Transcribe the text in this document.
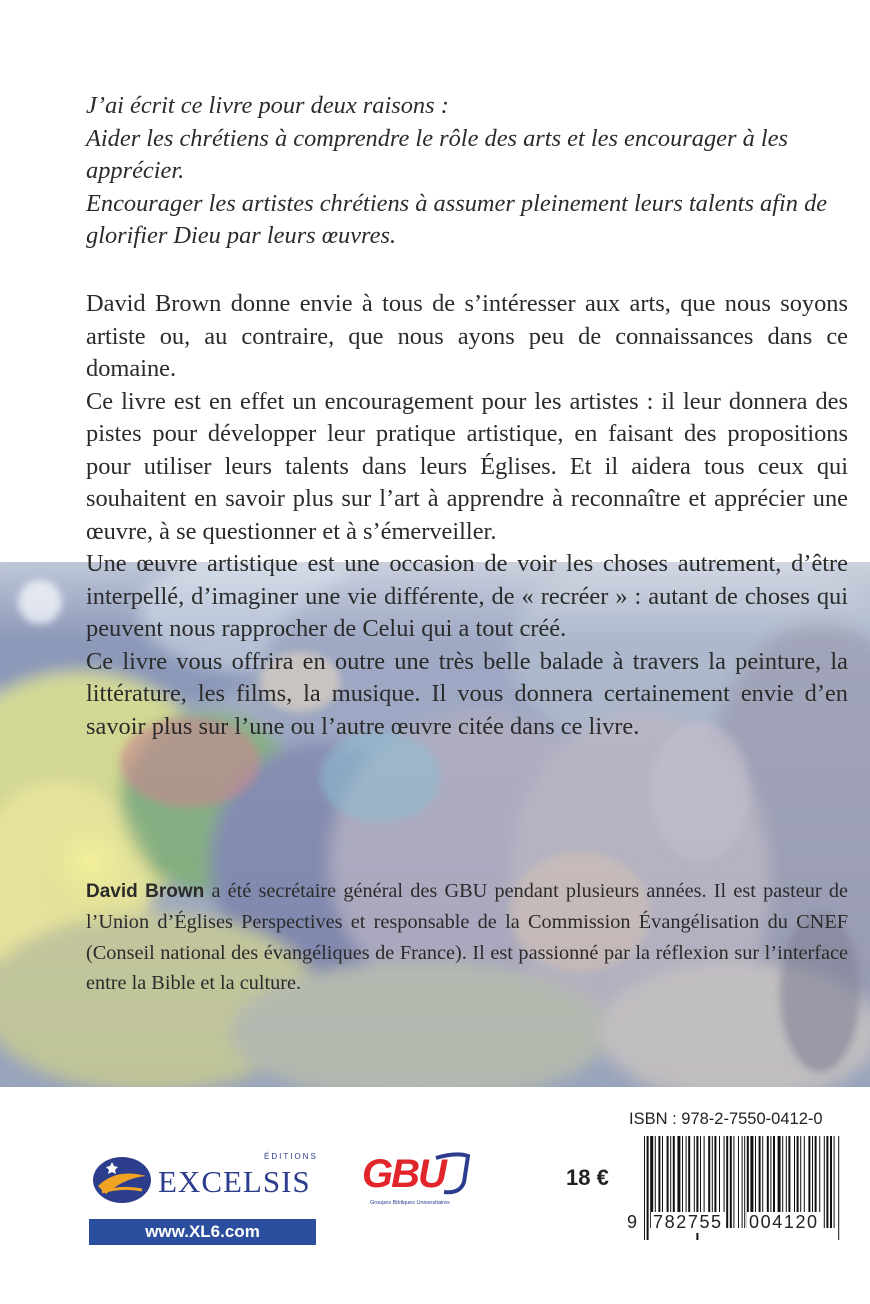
J’ai écrit ce livre pour deux raisons :

Aider les chrétiens à comprendre le rôle des arts et les encourager à les apprécier.

Encourager les artistes chrétiens à assumer pleinement leurs talents afin de glorifier Dieu par leurs œuvres.

David Brown donne envie à tous de s’intéresser aux arts, que nous soyons artiste ou, au contraire, que nous ayons peu de connaissances dans ce domaine.

Ce livre est en effet un encouragement pour les artistes : il leur donnera des pistes pour développer leur pratique artistique, en faisant des propositions pour utiliser leurs talents dans leurs Églises. Et il aidera tous ceux qui souhaitent en savoir plus sur l’art à apprendre à reconnaître et apprécier une œuvre, à se questionner et à s’émerveiller.

Une œuvre artistique est une occasion de voir les choses autrement, d’être interpellé, d’imaginer une vie différente, de « recréer » : autant de choses qui peuvent nous rapprocher de Celui qui a tout créé.

Ce livre vous offrira en outre une très belle balade à travers la peinture, la littérature, les films, la musique. Il vous donnera certainement envie d’en savoir plus sur l’une ou l’autre œuvre citée dans ce livre.

David Brown a été secrétaire général des GBU pendant plusieurs années. Il est pasteur de l’Union d’Églises Perspectives et responsable de la Commission Évangélisation du CNEF (Conseil national des évangéliques de France). Il est passionné par la réflexion sur l’interface entre la Bible et la culture.

ÉDITIONS
EXCELSIS
www.XL6.com
GBU
Groupes Bibliques Universitaires
18 €
ISBN : 978-2-7550-0412-0
9 782755 004120
